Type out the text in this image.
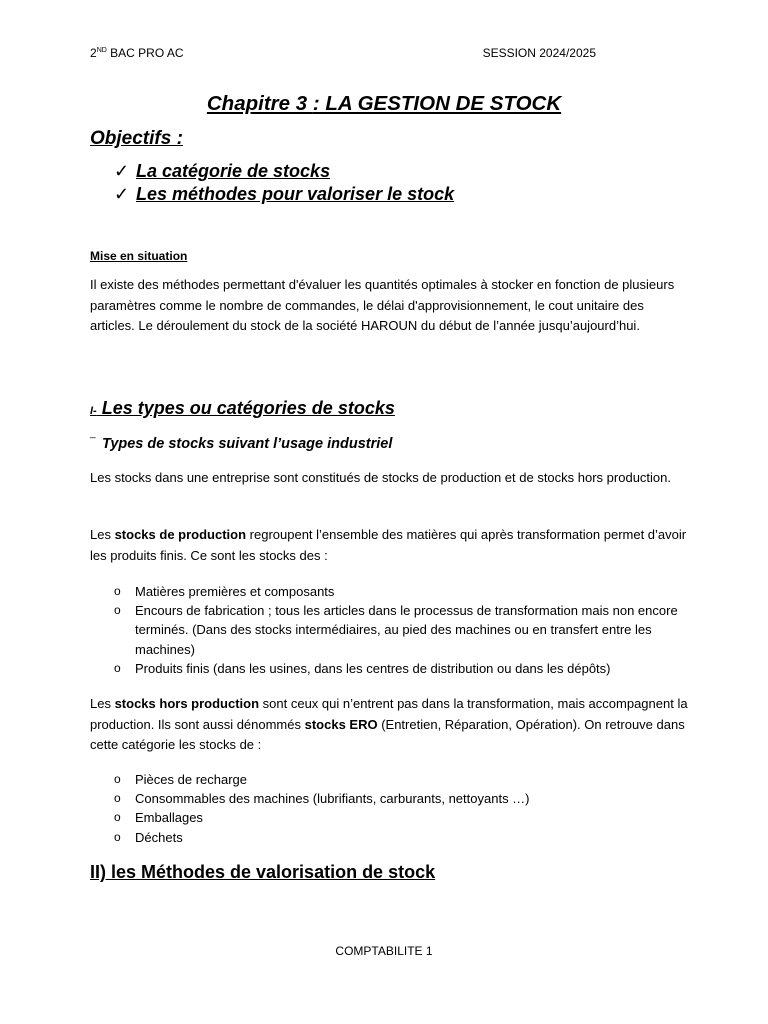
2ND BAC PRO AC	SESSION 2024/2025
Chapitre 3 : LA GESTION DE STOCK
Objectifs :
✓ La catégorie de stocks
✓ Les méthodes pour valoriser le stock
Mise en situation
Il existe des méthodes permettant d'évaluer les quantités optimales à stocker en fonction de plusieurs paramètres comme le nombre de commandes, le délai d'approvisionnement, le cout unitaire des articles. Le déroulement du stock de la société HAROUN du début de l’année jusqu’aujourd’hui.
I- Les types ou catégories de stocks
_
Types de stocks suivant l’usage industriel
Les stocks dans une entreprise sont constitués de stocks de production et de stocks hors production.
Les stocks de production regroupent l’ensemble des matières qui après transformation permet d’avoir les produits finis. Ce sont les stocks des :
o	Matières premières et composants
o	Encours de fabrication ; tous les articles dans le processus de transformation mais non encore terminés. (Dans des stocks intermédiaires, au pied des machines ou en transfert entre les machines)
o	Produits finis (dans les usines, dans les centres de distribution ou dans les dépôts)
Les stocks hors production sont ceux qui n’entrent pas dans la transformation, mais accompagnent la production. Ils sont aussi dénommés stocks ERO (Entretien, Réparation, Opération). On retrouve dans cette catégorie les stocks de :
o	Pièces de recharge
o	Consommables des machines (lubrifiants, carburants, nettoyants …)
o	Emballages
o	Déchets
II) les Méthodes de valorisation de stock
COMPTABILITE 1
